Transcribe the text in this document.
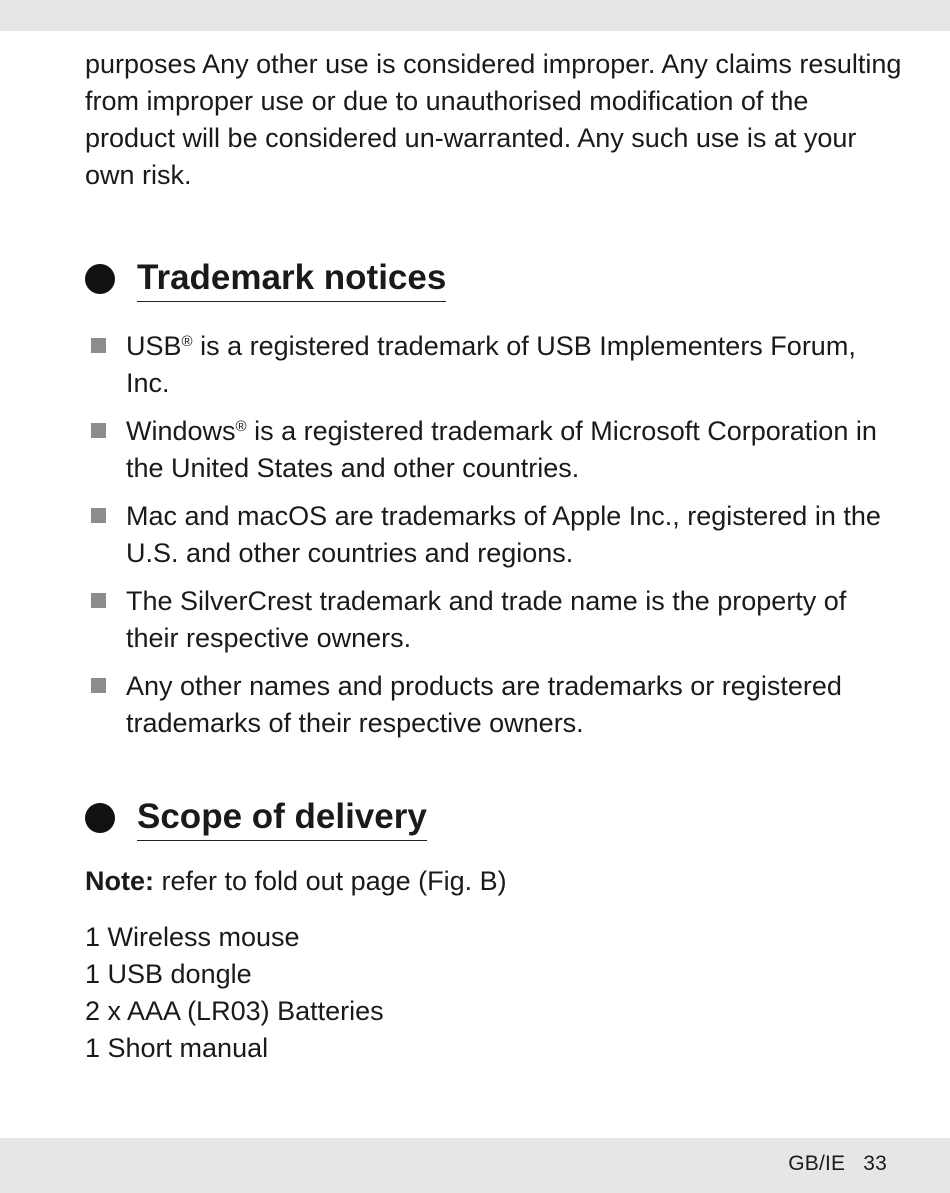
purposes Any other use is considered improper. Any claims resulting from improper use or due to unauthorised modification of the product will be considered un-warranted. Any such use is at your own risk.

Trademark notices
USB® is a registered trademark of USB Implementers Forum, Inc.
Windows® is a registered trademark of Microsoft Corporation in the United States and other countries.
Mac and macOS are trademarks of Apple Inc., registered in the U.S. and other countries and regions.
The SilverCrest trademark and trade name is the property of their respective owners.
Any other names and products are trademarks or registered trademarks of their respective owners.
Scope of delivery

Note: refer to fold out page (Fig. B)

1 Wireless mouse
1 USB dongle
2 x AAA (LR03) Batteries
1 Short manual
GB/IE 33
